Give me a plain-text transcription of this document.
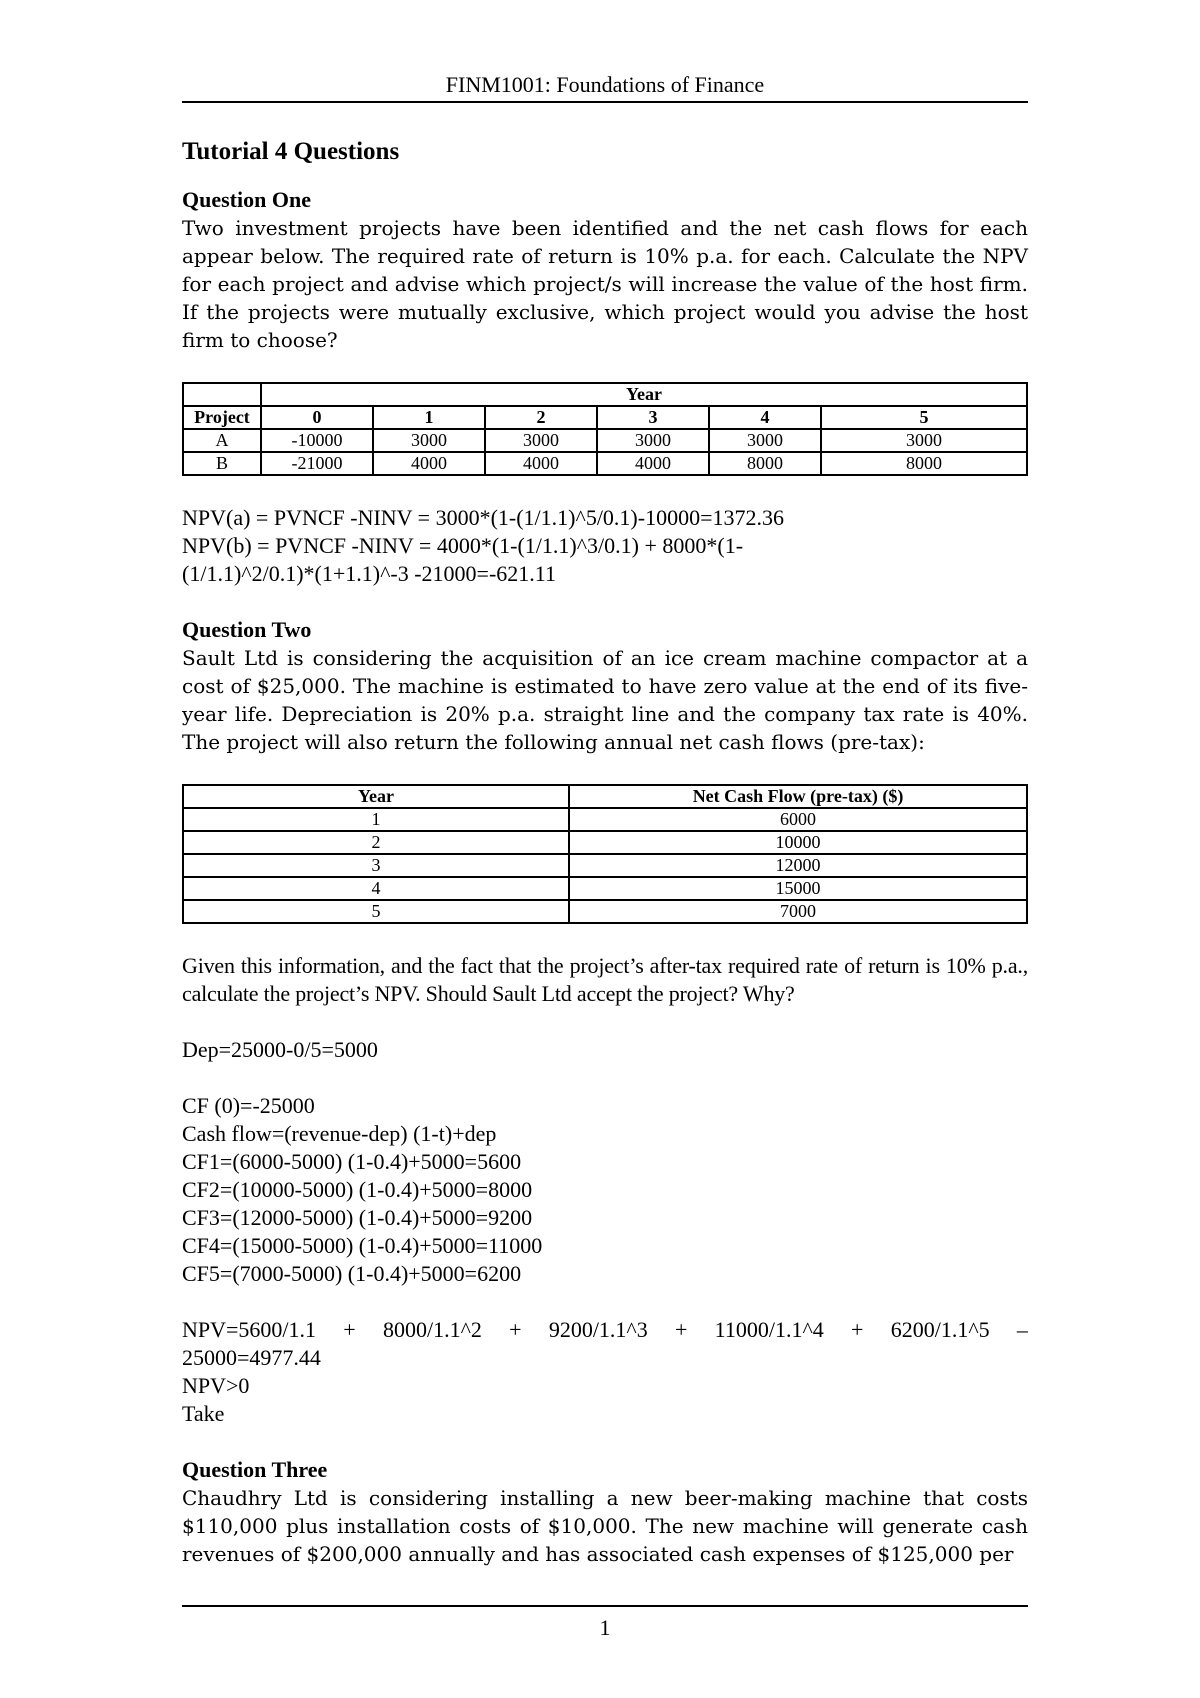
FINM1001: Foundations of Finance
Tutorial 4 Questions
Question One

Two investment projects have been identified and the net cash flows for each appear below. The required rate of return is 10% p.a. for each. Calculate the NPV for each project and advise which project/s will increase the value of the host firm. If the projects were mutually exclusive, which project would you advise the host firm to choose?

	Year					
Project	0	1	2	3	4	5
A	-10000	3000	3000	3000	3000	3000
B	-21000	4000	4000	4000	8000	8000

NPV(a) = PVNCF -NINV = 3000*(1-(1/1.1)^5/0.1)-10000=1372.36

NPV(b) = PVNCF -NINV = 4000*(1-(1/1.1)^3/0.1) + 8000*(1-

(1/1.1)^2/0.1)*(1+1.1)^-3 -21000=-621.11

Question Two

Sault Ltd is considering the acquisition of an ice cream machine compactor at a cost of $25,000. The machine is estimated to have zero value at the end of its five-year life. Depreciation is 20% p.a. straight line and the company tax rate is 40%. The project will also return the following annual net cash flows (pre-tax):

Year	Net Cash Flow (pre-tax) ($)
1	6000
2	10000
3	12000
4	15000
5	7000

Given this information, and the fact that the project’s after-tax required rate of return is 10% p.a., calculate the project’s NPV. Should Sault Ltd accept the project? Why?

Dep=25000-0/5=5000

CF (0)=-25000

Cash flow=(revenue-dep) (1-t)+dep

CF1=(6000-5000) (1-0.4)+5000=5600

CF2=(10000-5000) (1-0.4)+5000=8000

CF3=(12000-5000) (1-0.4)+5000=9200

CF4=(15000-5000) (1-0.4)+5000=11000

CF5=(7000-5000) (1-0.4)+5000=6200

NPV=5600/1.1 + 8000/1.1^2 + 9200/1.1^3 + 11000/1.1^4 + 6200/1.1^5 –

25000=4977.44

NPV>0

Take

Question Three

Chaudhry Ltd is considering installing a new beer-making machine that costs $110,000 plus installation costs of $10,000. The new machine will generate cash revenues of $200,000 annually and has associated cash expenses of $125,000 per

1
